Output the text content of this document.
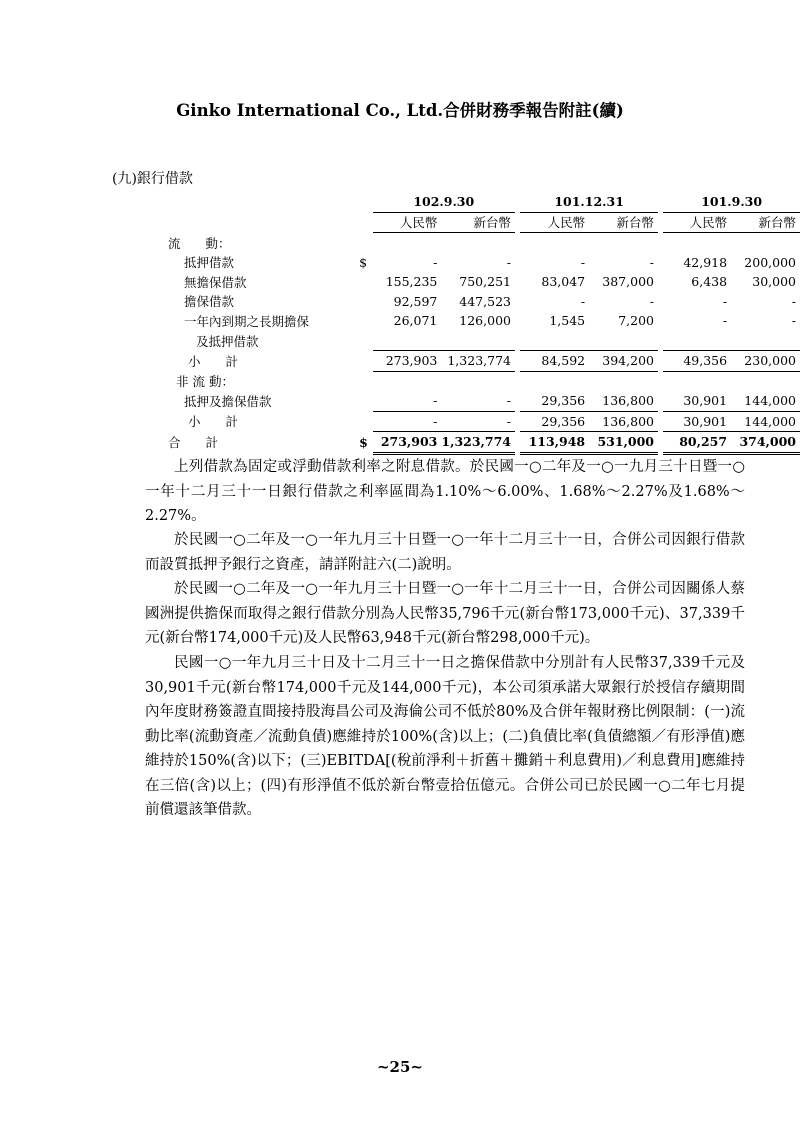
Ginko International Co., Ltd.合併財務季報告附註(續)
(九)銀行借款
		102.9.30			101.12.31			101.9.30	
		人民幣	新台幣		人民幣	新台幣		人民幣	新台幣
流　　動：									
抵押借款	$	-	-		-	-		42,918	200,000
無擔保借款		155,235	750,251		83,047	387,000		6,438	30,000
擔保借款		92,597	447,523		-	-		-	-
一年內到期之長期擔保		26,071	126,000		1,545	7,200		-	-
及抵押借款									
小　　計		273,903	1,323,774		84,592	394,200		49,356	230,000
非 流 動：									
抵押及擔保借款		-	-		29,356	136,800		30,901	144,000
小　　計		-	-		29,356	136,800		30,901	144,000
合　　計	$	273,903	1,323,774		113,948	531,000		80,257	374,000

上列借款為固定或浮動借款利率之附息借款。於民國一○二年及一○一九月三十日暨一○一年十二月三十一日銀行借款之利率區間為1.10%～6.00%、1.68%～2.27%及1.68%～2.27%。

於民國一○二年及一○一年九月三十日暨一○一年十二月三十一日，合併公司因銀行借款而設質抵押予銀行之資產，請詳附註六(二)說明。

於民國一○二年及一○一年九月三十日暨一○一年十二月三十一日，合併公司因關係人蔡國洲提供擔保而取得之銀行借款分別為人民幣35,796千元(新台幣173,000千元)、37,339千元(新台幣174,000千元)及人民幣63,948千元(新台幣298,000千元)。

民國一○一年九月三十日及十二月三十一日之擔保借款中分別計有人民幣37,339千元及30,901千元(新台幣174,000千元及144,000千元)，本公司須承諾大眾銀行於授信存續期間內年度財務簽證直間接持股海昌公司及海倫公司不低於80%及合併年報財務比例限制：(一)流動比率(流動資產／流動負債)應維持於100%(含)以上；(二)負債比率(負債總額／有形淨值)應維持於150%(含)以下；(三)EBITDA[(稅前淨利＋折舊＋攤銷＋利息費用)／利息費用]應維持在三倍(含)以上；(四)有形淨值不低於新台幣壹拾伍億元。合併公司已於民國一○二年七月提前償還該筆借款。

~25~
